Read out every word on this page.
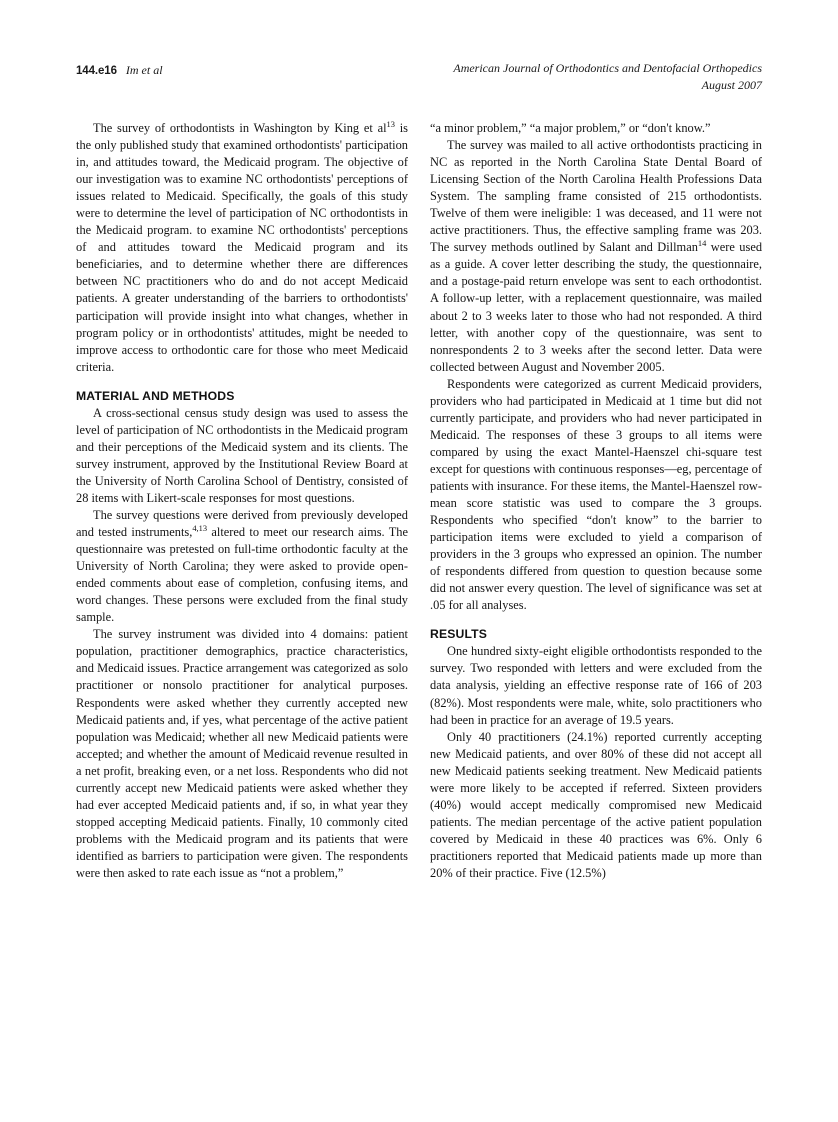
144.e16 Im et al	American Journal of Orthodontics and Dentofacial Orthopedics
August 2007

The survey of orthodontists in Washington by King et $al^{13}$ is the only published study that examined orthodontists' participation in, and attitudes toward, the Medicaid program. The objective of our investigation was to examine NC orthodontists' perceptions of issues related to Medicaid. Specifically, the goals of this study were to determine the level of participation of NC orthodontists in the Medicaid program. to examine NC orthodontists' perceptions of and attitudes toward the Medicaid program and its beneficiaries, and to determine whether there are differences between NC practitioners who do and do not accept Medicaid patients. A greater understanding of the barriers to orthodontists' participation will provide insight into what changes, whether in program policy or in orthodontists' attitudes, might be needed to improve access to orthodontic care for those who meet Medicaid criteria.

MATERIAL AND METHODS

A cross-sectional census study design was used to assess the level of participation of NC orthodontists in the Medicaid program and their perceptions of the Medicaid system and its clients. The survey instrument, approved by the Institutional Review Board at the University of North Carolina School of Dentistry, consisted of 28 items with Likert-scale responses for most questions.

The survey questions were derived from previously developed and tested instruments,$^{4,13}$ altered to meet our research aims. The questionnaire was pretested on full-time orthodontic faculty at the University of North Carolina; they were asked to provide open-ended comments about ease of completion, confusing items, and word changes. These persons were excluded from the final study sample.

The survey instrument was divided into 4 domains: patient population, practitioner demographics, practice characteristics, and Medicaid issues. Practice arrangement was categorized as solo practitioner or nonsolo practitioner for analytical purposes. Respondents were asked whether they currently accepted new Medicaid patients and, if yes, what percentage of the active patient population was Medicaid; whether all new Medicaid patients were accepted; and whether the amount of Medicaid revenue resulted in a net profit, breaking even, or a net loss. Respondents who did not currently accept new Medicaid patients were asked whether they had ever accepted Medicaid patients and, if so, in what year they stopped accepting Medicaid patients. Finally, 10 commonly cited problems with the Medicaid program and its patients that were identified as barriers to participation were given. The respondents were then asked to rate each issue as “not a problem,”

“a minor problem,” “a major problem,” or “don't know.”

The survey was mailed to all active orthodontists practicing in NC as reported in the North Carolina State Dental Board of Licensing Section of the North Carolina Health Professions Data System. The sampling frame consisted of 215 orthodontists. Twelve of them were ineligible: 1 was deceased, and 11 were not active practitioners. Thus, the effective sampling frame was 203. The survey methods outlined by Salant and Dillman$^{14}$ were used as a guide. A cover letter describing the study, the questionnaire, and a postage-paid return envelope was sent to each orthodontist. A follow-up letter, with a replacement questionnaire, was mailed about 2 to 3 weeks later to those who had not responded. A third letter, with another copy of the questionnaire, was sent to nonrespondents 2 to 3 weeks after the second letter. Data were collected between August and November 2005.

Respondents were categorized as current Medicaid providers, providers who had participated in Medicaid at 1 time but did not currently participate, and providers who had never participated in Medicaid. The responses of these 3 groups to all items were compared by using the exact Mantel-Haenszel chi-square test except for questions with continuous responses—eg, percentage of patients with insurance. For these items, the Mantel-Haenszel row-mean score statistic was used to compare the 3 groups. Respondents who specified “don't know” to the barrier to participation items were excluded to yield a comparison of providers in the 3 groups who expressed an opinion. The number of respondents differed from question to question because some did not answer every question. The level of significance was set at .05 for all analyses.

RESULTS

One hundred sixty-eight eligible orthodontists responded to the survey. Two responded with letters and were excluded from the data analysis, yielding an effective response rate of 166 of 203 (82%). Most respondents were male, white, solo practitioners who had been in practice for an average of 19.5 years.

Only 40 practitioners (24.1%) reported currently accepting new Medicaid patients, and over 80% of these did not accept all new Medicaid patients seeking treatment. New Medicaid patients were more likely to be accepted if referred. Sixteen providers (40%) would accept medically compromised new Medicaid patients. The median percentage of the active patient population covered by Medicaid in these 40 practices was 6%. Only 6 practitioners reported that Medicaid patients made up more than 20% of their practice. Five (12.5%)
